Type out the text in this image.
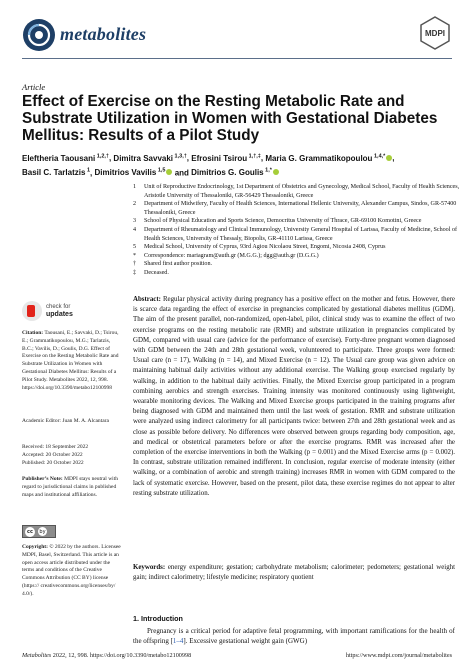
metabolites	MDPI
Article
Effect of Exercise on the Resting Metabolic Rate and Substrate Utilization in Women with Gestational Diabetes Mellitus: Results of a Pilot Study
Eleftheria Taousani $^{1,2,\dagger}$, Dimitra Savvaki $^{1,3,\dagger}$, Efrosini Tsirou $^{1,\dagger,\ddagger}$, Maria G. Grammatikopoulou $^{1,4,*}$ ,
Basil C. Tarlatzis $^1$, Dimitrios Vavilis $^{1,5}$ and Dimitrios G. Goulis $^{1,*}$
1	Unit of Reproductive Endocrinology, 1st Department of Obstetrics and Gynecology, Medical School, Faculty of Health Sciences, Aristotle University of Thessaloniki, GR-56429 Thessaloniki, Greece
2	Department of Midwifery, Faculty of Health Sciences, International Hellenic University, Alexander Campus, Sindos, GR-57400 Thessaloniki, Greece
3	School of Physical Education and Sports Science, Democritus University of Thrace, GR-69100 Komotini, Greece
4	Department of Rheumatology and Clinical Immunology, University General Hospital of Larissa, Faculty of Medicine, School of Health Sciences, University of Thessaly, Biopolis, GR-41110 Larissa, Greece
5	Medical School, University of Cyprus, 93rd Agiou Nicolaou Street, Engomi, Nicosia 2408, Cyprus
*	Correspondence: mariagram@auth.gr (M.G.G.); dgg@auth.gr (D.G.G.)
†	Shared first author position.
‡	Deceased.
check for
updates
Citation: Taousani, E.; Savvaki, D.; Tsirou, E.; Grammatikopoulou, M.G.; Tarlatzis, B.C.; Vavilis, D.; Goulis, D.G. Effect of Exercise on the Resting Metabolic Rate and Substrate Utilization in Women with Gestational Diabetes Mellitus: Results of a Pilot Study. Metabolites 2022, 12, 998. https://doi.org/10.3390/metabo12100998
Academic Editor: Juan M. A. Alcantara
Received: 18 September 2022
Accepted: 20 October 2022
Published: 20 October 2022
Publisher’s Note: MDPI stays neutral with regard to jurisdictional claims in published maps and institutional affiliations.
cc	by
Copyright: © 2022 by the authors. Licensee MDPI, Basel, Switzerland. This article is an open access article distributed under the terms and conditions of the Creative Commons Attribution (CC BY) license (https:// creativecommons.org/licenses/by/ 4.0/).
Abstract: Regular physical activity during pregnancy has a positive effect on the mother and fetus. However, there is scarce data regarding the effect of exercise in pregnancies complicated by gestational diabetes mellitus (GDM). The aim of the present parallel, non-randomized, open-label, pilot, clinical study was to examine the effect of two exercise programs on the resting metabolic rate (RMR) and substrate utilization in pregnancies complicated by GDM, compared with usual care (advice for the performance of exercise). Forty-three pregnant women diagnosed with GDM between the 24th and 28th gestational week, volunteered to participate. Three groups were formed: Usual care (n = 17), Walking (n = 14), and Mixed Exercise (n = 12). The Usual care group was given advice on maintaining habitual daily activities without any additional exercise. The Walking group exercised regularly by walking, in addition to the habitual daily activities. Finally, the Mixed Exercise group participated in a program combining aerobics and strength exercises. Training intensity was monitored continuously using lightweight, wearable monitoring devices. The Walking and Mixed Exercise groups participated in the training programs after being diagnosed with GDM and maintained them until the last week of gestation. RMR and substrate utilization were analyzed using indirect calorimetry for all participants twice: between 27th and 28th gestational week and as close as possible before delivery. No differences were observed between groups regarding body composition, age, and medical or obstetrical parameters before or after the exercise programs. RMR was increased after the completion of the exercise interventions in both the Walking (p = 0.001) and the Mixed Exercise arms (p = 0.002). In contrast, substrate utilization remained indifferent. In conclusion, regular exercise of moderate intensity (either walking, or a combination of aerobic and strength training) increases RMR in women with GDM compared to the lack of systematic exercise. However, based on the present, pilot data, these exercise regimes do not appear to alter resting substrate utilization.
Keywords: energy expenditure; gestation; carbohydrate metabolism; calorimeter; pedometers; gestational weight gain; indirect calorimetry; lifestyle medicine; respiratory quotient
1. Introduction
Pregnancy is a critical period for adaptive fetal programming, with important ramifications for the health of the offspring [1–4]. Excessive gestational weight gain (GWG)
Metabolites 2022, 12, 998. https://doi.org/10.3390/metabo12100998	https://www.mdpi.com/journal/metabolites
